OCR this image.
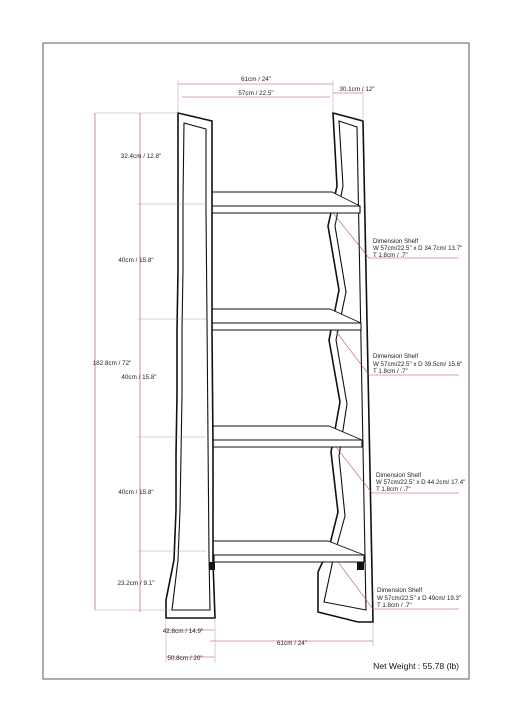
61cm / 24"
57cm / 22.5"
30.1cm / 12"
182.8cm / 72"
32.4cm / 12.8"
40cm / 15.8"
40cm / 15.8"
40cm / 15.8"
23.2cm / 9.1"
42.8cm / 14.9"
50.8cm / 20"
61cm / 24"
Dimension Shelf
W 57cm/22.5" x D 34.7cm/ 13.7"
T 1.8cm / .7"
Dimension Shelf
W 57cm/22.5" x D 39.5cm/ 15.6"
T 1.8cm / .7"
Dimension Shelf
W 57cm/22.5" x D 44.2cm/ 17.4"
T 1.8cm / .7"
Dimension Shelf
W 57cm/22.5" x D 49cm/ 19.3"
T 1.8cm / .7"
Net Weight : 55.78 (lb)
